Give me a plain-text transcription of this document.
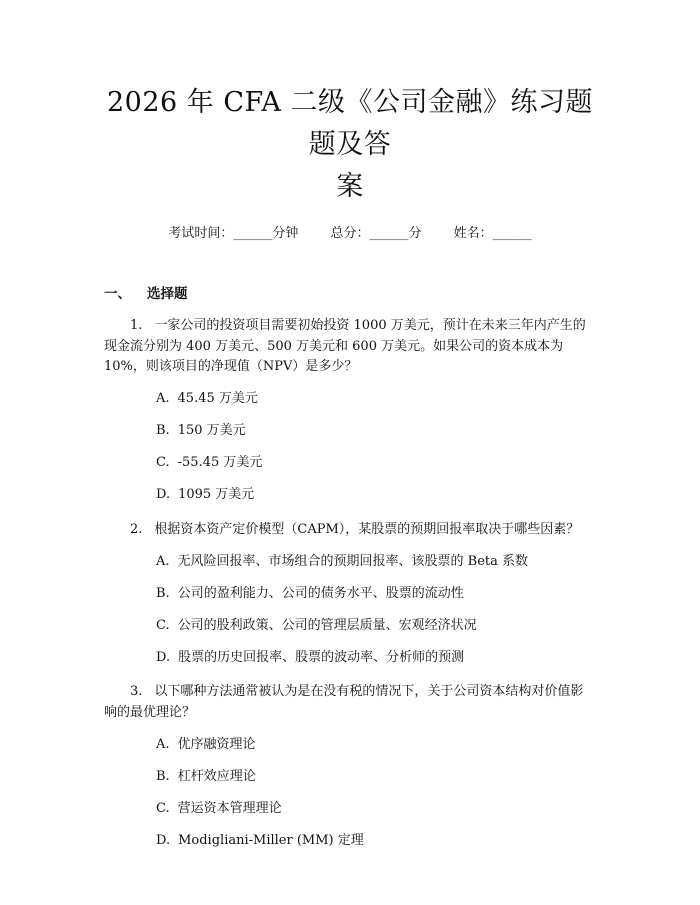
2026 年 CFA 二级《公司金融》练习题题及答
案
考试时间：______分钟 总分：______分 姓名：______
一、 选择题

1. 一家公司的投资项目需要初始投资 1000 万美元，预计在未来三年内产生的现金流分别为 400 万美元、500 万美元和 600 万美元。如果公司的资本成本为 10%，则该项目的净现值（NPV）是多少？

A. 45.45 万美元
B. 150 万美元
C. -55.45 万美元
D. 1095 万美元

2. 根据资本资产定价模型（CAPM），某股票的预期回报率取决于哪些因素？

A. 无风险回报率、市场组合的预期回报率、该股票的 Beta 系数
B. 公司的盈利能力、公司的债务水平、股票的流动性
C. 公司的股利政策、公司的管理层质量、宏观经济状况
D. 股票的历史回报率、股票的波动率、分析师的预测

3. 以下哪种方法通常被认为是在没有税的情况下，关于公司资本结构对价值影响的最优理论？

A. 优序融资理论
B. 杠杆效应理论
C. 营运资本管理理论
D. Modigliani-Miller (MM) 定理
